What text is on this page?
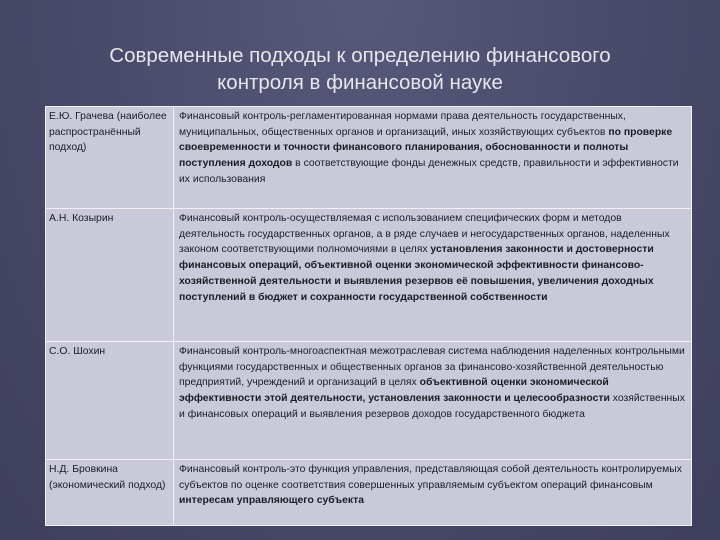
Современные подходы к определению финансового
контроля в финансовой науке
Е.Ю. Грачева (наиболее распространённый подход)	Финансовый контроль-регламентированная нормами права деятельность государственных, муниципальных, общественных органов и организаций, иных хозяйствующих субъектов по проверке своевременности и точности финансового планирования, обоснованности и полноты поступления доходов в соответствующие фонды денежных средств, правильности и эффективности их использования
А.Н. Козырин	Финансовый контроль-осуществляемая с использованием специфических форм и методов деятельность государственных органов, а в ряде случаев и негосударственных органов, наделенных законом соответствующими полномочиями в целях установления законности и достоверности финансовых операций, объективной оценки экономической эффективности финансово-хозяйственной деятельности и выявления резервов её повышения, увеличения доходных поступлений в бюджет и сохранности государственной собственности
С.О. Шохин	Финансовый контроль-многоаспектная межотраслевая система наблюдения наделенных контрольными функциями государственных и общественных органов за финансово-хозяйственной деятельностью предприятий, учреждений и организаций в целях объективной оценки экономической эффективности этой деятельности, установления законности и целесообразности хозяйственных и финансовых операций и выявления резервов доходов государственного бюджета
Н.Д. Бровкина (экономический подход)	Финансовый контроль-это функция управления, представляющая собой деятельность контролируемых субъектов по оценке соответствия совершенных управляемым субъектом операций финансовым интересам управляющего субъекта
